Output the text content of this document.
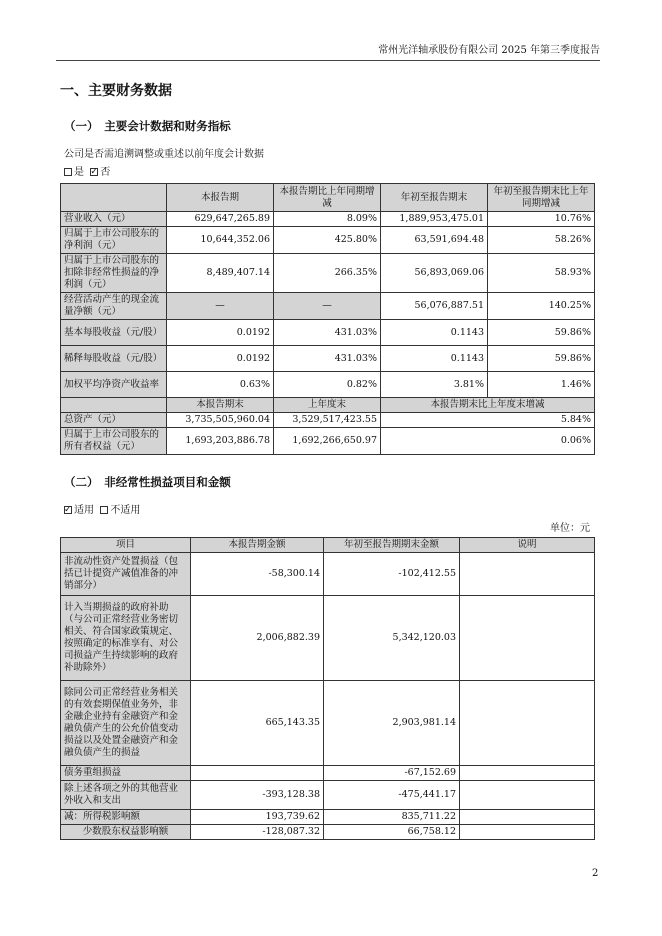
常州光洋轴承股份有限公司 2025 年第三季度报告
一、主要财务数据
（一）　主要会计数据和财务指标
公司是否需追溯调整或重述以前年度会计数据
是 ✓ 否
	本报告期	本报告期比上年同期增减	年初至报告期末	年初至报告期末比上年同期增减
营业收入（元）	629,647,265.89	8.09%	1,889,953,475.01	10.76%
归属于上市公司股东的净利润（元）	10,644,352.06	425.80%	63,591,694.48	58.26%
归属于上市公司股东的扣除非经常性损益的净利润（元）	8,489,407.14	266.35%	56,893,069.06	58.93%
经营活动产生的现金流量净额（元）	—	—	56,076,887.51	140.25%
基本每股收益（元/股）	0.0192	431.03%	0.1143	59.86%
稀释每股收益（元/股）	0.0192	431.03%	0.1143	59.86%
加权平均净资产收益率	0.63%	0.82%	3.81%	1.46%
	本报告期末	上年度末	本报告期末比上年度末增减	
总资产（元）	3,735,505,960.04	3,529,517,423.55	5.84%	
归属于上市公司股东的所有者权益（元）	1,693,203,886.78	1,692,266,650.97	0.06%	
（二）　非经常性损益项目和金额
✓适用 不适用
单位：元
项目	本报告期金额	年初至报告期期末金额	说明
非流动性资产处置损益（包括已计提资产减值准备的冲销部分）	-58,300.14	-102,412.55	
计入当期损益的政府补助（与公司正常经营业务密切相关、符合国家政策规定、按照确定的标准享有、对公司损益产生持续影响的政府补助除外）	2,006,882.39	5,342,120.03	
除同公司正常经营业务相关的有效套期保值业务外，非金融企业持有金融资产和金融负债产生的公允价值变动损益以及处置金融资产和金融负债产生的损益	665,143.35	2,903,981.14	
债务重组损益		-67,152.69	
除上述各项之外的其他营业外收入和支出	-393,128.38	-475,441.17	
减：所得税影响额	193,739.62	835,711.22	
少数股东权益影响额	-128,087.32	66,758.12	
2
